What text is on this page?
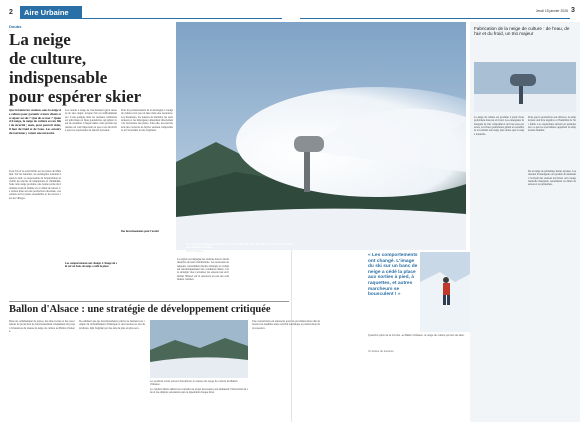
2	Aire Urbaine	Jeudi 15 janvier 2026 3
Doubs
La neige
de culture,
indispensable
pour espérer skier
Que feraient les stations sans la neige de culture pour garantir à leurs clients un séjour au ski ? Que de ce mot ? Quand il neige, la neige de culture est un filet de sécurité ; mais, pour pouvoir skier, il faut du froid et de l'eau. Les acteurs du tourisme y voient une nécessité.
Il est 8 h et le soleil brille sur les pistes de Métabief. Sur les hauteurs, les enneigeurs tournent depuis la nuit. Le responsable de l'exploitation surveille les relevés de température et d'humidité. Sans cette neige produite, une bonne partie du domaine resterait fermée en ce début de saison. La station mise sur une production raisonnée, concentrée sur les pistes essentielles et les retours vers les villages.
Les canons à neige ne fonctionnent qu'en dessous de zéro degré, lorsque l'air est suffisamment sec. L'eau pompée dans les retenues collinaires est pulvérisée en fines gouttelettes qui gèlent avant de retomber. Chaque mètre cube produit représente un coût important en eau et en électricité pour les exploitants du massif jurassien.
Les comportements ont changé. L'image du ski sur un banc de neige a cédé la place.
Pour les professionnels de la montagne, la neige de culture n'est pas un luxe mais une assurance. Les moniteurs, les loueurs de matériel, les restaurateurs et les hébergeurs dépendent directement de l'ouverture des pistes. Sans elle, les réservations des vacances de février seraient compromises et l'économie locale fragilisée.
La région accompagne les stations dans la modernisation de leurs installations. Les nouveaux enneigeurs consomment moins d'énergie et s'adaptent automatiquement aux conditions météo. Cette stratégie vise à sécuriser les saisons tout en limitant l'impact sur la ressource en eau des communes voisines.
Des investissements pour l'avenir
En créant à la neige de culture est une réalité sur tous les massifs de France depuis une dizaine d'années.
Photo d'archives
Fabrication de la neige de culture : de l'eau, de l'air et du froid, un trio majeur
La neige de culture est produite à partir d'eau pulvérisée dans un air froid. Les enneigeurs mélangent de l'air comprimé et de l'eau sous pression. Les fines gouttelettes gèlent en retombant et forment une neige plus dense que la neige naturelle.
Pour que la production soit efficace, la température doit être négative et l'humidité de l'air faible. Les exploitants suivent en permanence ce que les spécialistes appellent la température humide.
De la neige de printemps moins épaisse. Les réseaux d'enneigeurs ont permis de maintenir l'activité des stations les hivers où la neige naturelle manquait, notamment en début de saison et au printemps.
« Les comportements ont changé. L'image du ski sur un banc de neige a cédé la place aux sorties à pied, à raquettes, et autres marcheurs se bousculent ! »
Un Acteur du tourisme
Quand le plein de la Combe, au Ballon d'Alsace, la neige de culture permet de skier.
Ballon d'Alsace : une stratégie de développement critiquée
Dans un communiqué de presse, des élus locaux et des associations de protection de l'environnement s'inquiètent du projet d'extension du réseau de neige de culture au Ballon d'Alsace.
Ils estiment que les investissements prévus ne tiennent pas compte du réchauffement climatique et des besoins en eau du territoire, déjà fragilisé par des étés de plus en plus secs.
Le syndicat mixte prévoit d'améliorer le réseau de neige de culture du Ballon d'Alsace.
Le syndicat mixte défend au contraire un projet nécessaire pour maintenir l'attractivité du site et les emplois saisonniers qui en dépendent chaque hiver.
Une concertation est annoncée pour les prochains mois afin de trouver un équilibre entre activité touristique et préservation de la ressource.
